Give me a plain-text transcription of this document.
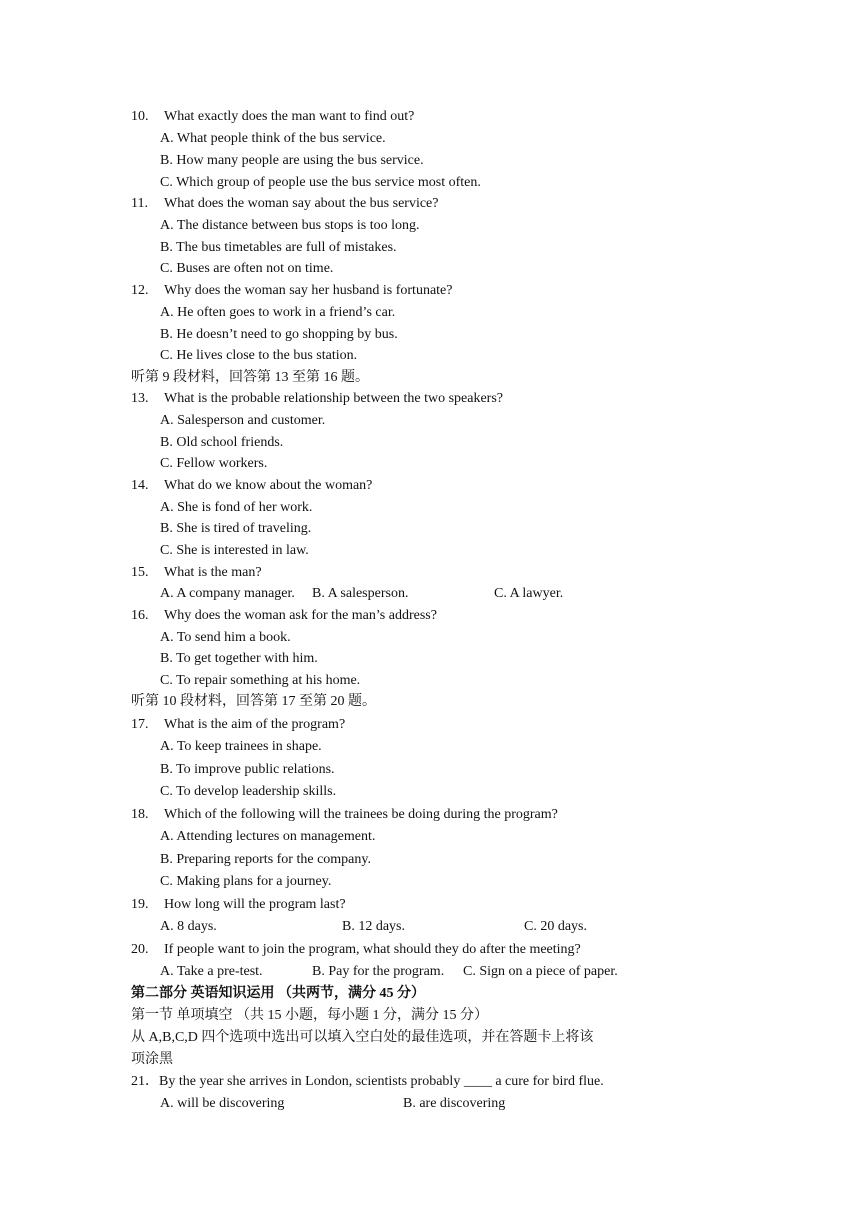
10. What exactly does the man want to find out?
A. What people think of the bus service.
B. How many people are using the bus service.
C. Which group of people use the bus service most often.
11. What does the woman say about the bus service?
A. The distance between bus stops is too long.
B. The bus timetables are full of mistakes.
C. Buses are often not on time.
12. Why does the woman say her husband is fortunate?
A. He often goes to work in a friend’s car.
B. He doesn’t need to go shopping by bus.
C. He lives close to the bus station.
听第 9 段材料，回答第 13 至第 16 题。
13. What is the probable relationship between the two speakers?
A. Salesperson and customer.
B. Old school friends.
C. Fellow workers.
14. What do we know about the woman?
A. She is fond of her work.
B. She is tired of traveling.
C. She is interested in law.
15. What is the man?
A. A company manager. B. A salesperson.	C. A lawyer.
16. Why does the woman ask for the man’s address?
A. To send him a book.
B. To get together with him.
C. To repair something at his home.
听第 10 段材料，回答第 17 至第 20 题。
17. What is the aim of the program?
A. To keep trainees in shape.
B. To improve public relations.
C. To develop leadership skills.
18. Which of the following will the trainees be doing during the program?
A. Attending lectures on management.
B. Preparing reports for the company.
C. Making plans for a journey.
19. How long will the program last?
A. 8 days.	B. 12 days.	C. 20 days.
20. If people want to join the program, what should they do after the meeting?
A. Take a pre-test.	B. Pay for the program. C. Sign on a piece of paper.
第二部分 英语知识运用 （共两节，满分 45 分）
第一节 单项填空 （共 15 小题，每小题 1 分，满分 15 分）
从 A,B,C,D 四个选项中选出可以填入空白处的最佳选项，并在答题卡上将该
项涂黑
21．By the year she arrives in London, scientists probably ____ a cure for bird flue.
A. will be discovering	B. are discovering
